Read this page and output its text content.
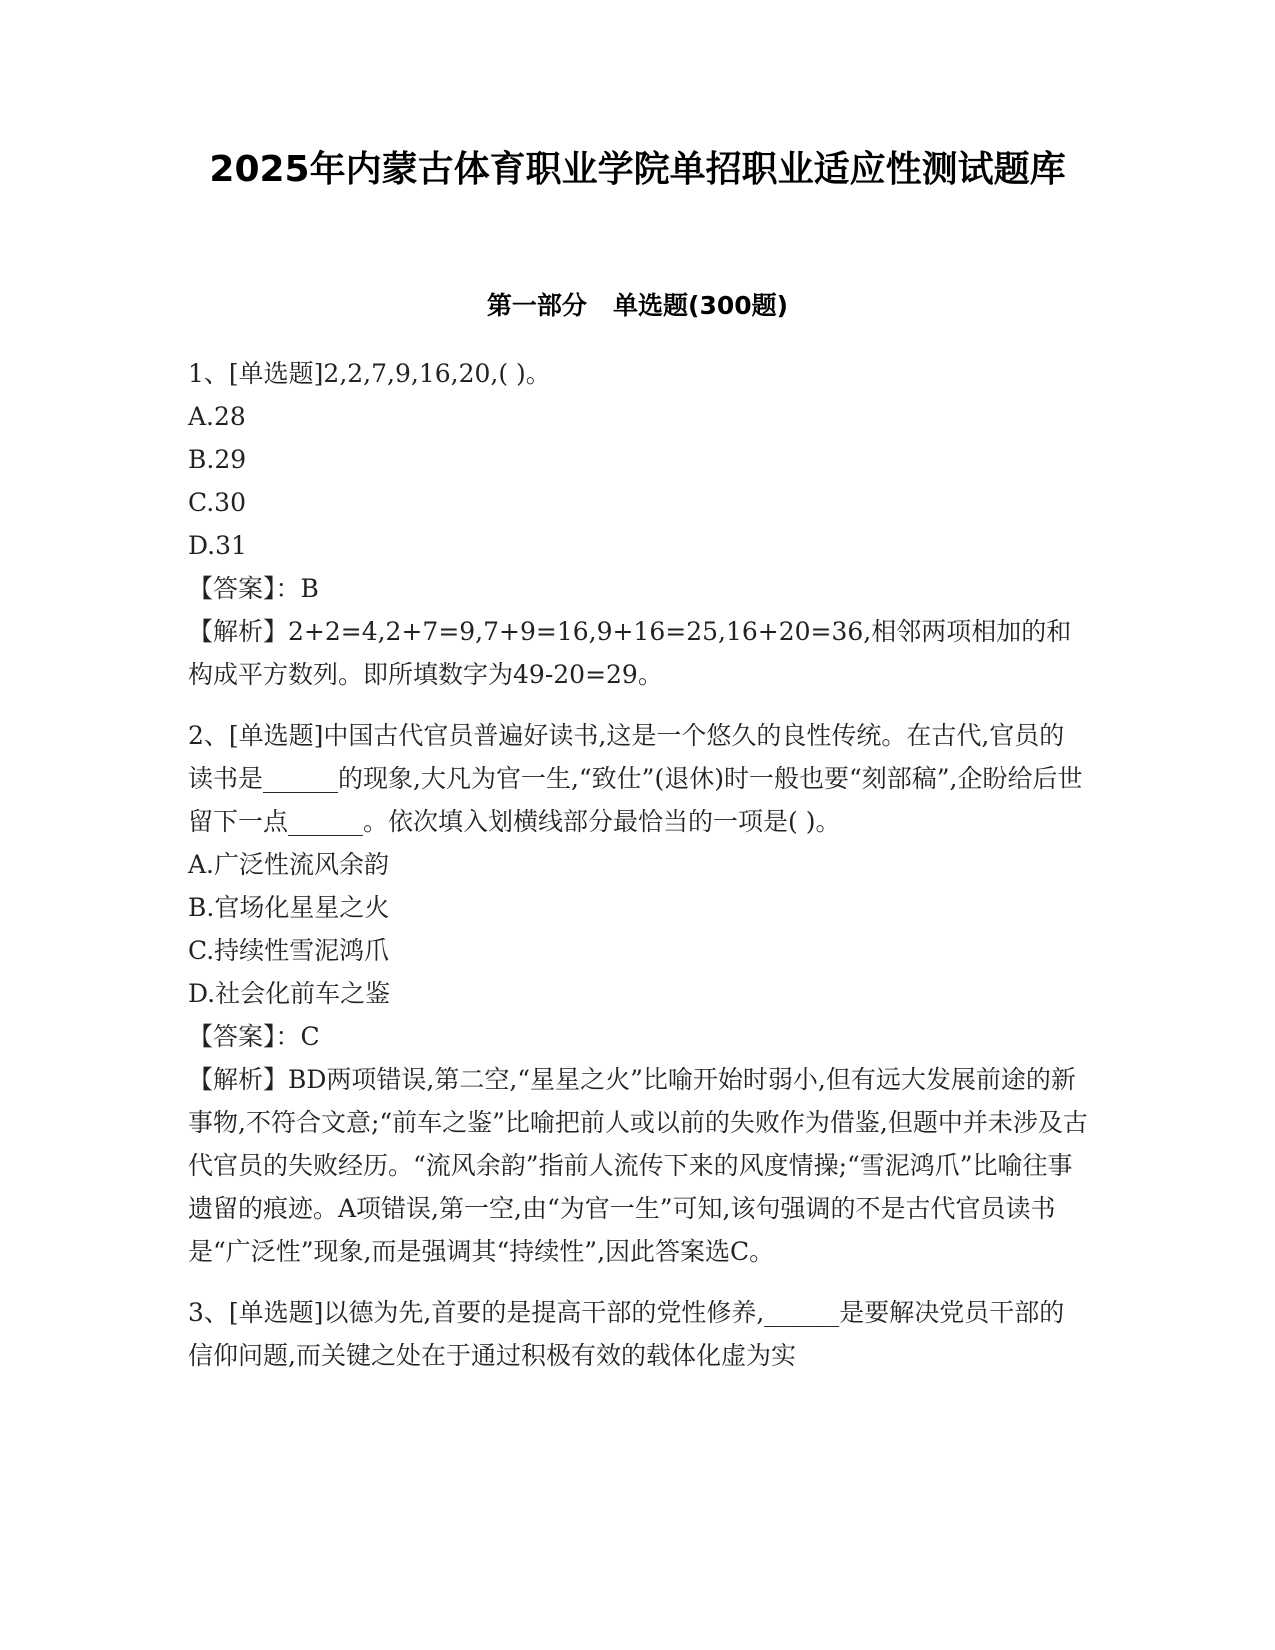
2025年内蒙古体育职业学院单招职业适应性测试题库
第一部分   单选题(300题)

1、[单选题]2,2,7,9,16,20,( )。

A.28

B.29

C.30

D.31

【答案】：B

【解析】2+2=4,2+7=9,7+9=16,9+16=25,16+20=36,相邻两项相加的和构成平方数列。即所填数字为49-20=29。

2、[单选题]中国古代官员普遍好读书,这是一个悠久的良性传统。在古代,官员的读书是______的现象,大凡为官一生,“致仕”(退休)时一般也要“刻部稿”,企盼给后世留下一点______。依次填入划横线部分最恰当的一项是( )。

A.广泛性流风余韵

B.官场化星星之火

C.持续性雪泥鸿爪

D.社会化前车之鉴

【答案】：C

【解析】BD两项错误,第二空,“星星之火”比喻开始时弱小,但有远大发展前途的新事物,不符合文意;“前车之鉴”比喻把前人或以前的失败作为借鉴,但题中并未涉及古代官员的失败经历。“流风余韵”指前人流传下来的风度情操;“雪泥鸿爪”比喻往事遗留的痕迹。A项错误,第一空,由“为官一生”可知,该句强调的不是古代官员读书是“广泛性”现象,而是强调其“持续性”,因此答案选C。

3、[单选题]以德为先,首要的是提高干部的党性修养,______是要解决党员干部的信仰问题,而关键之处在于通过积极有效的载体化虚为实
